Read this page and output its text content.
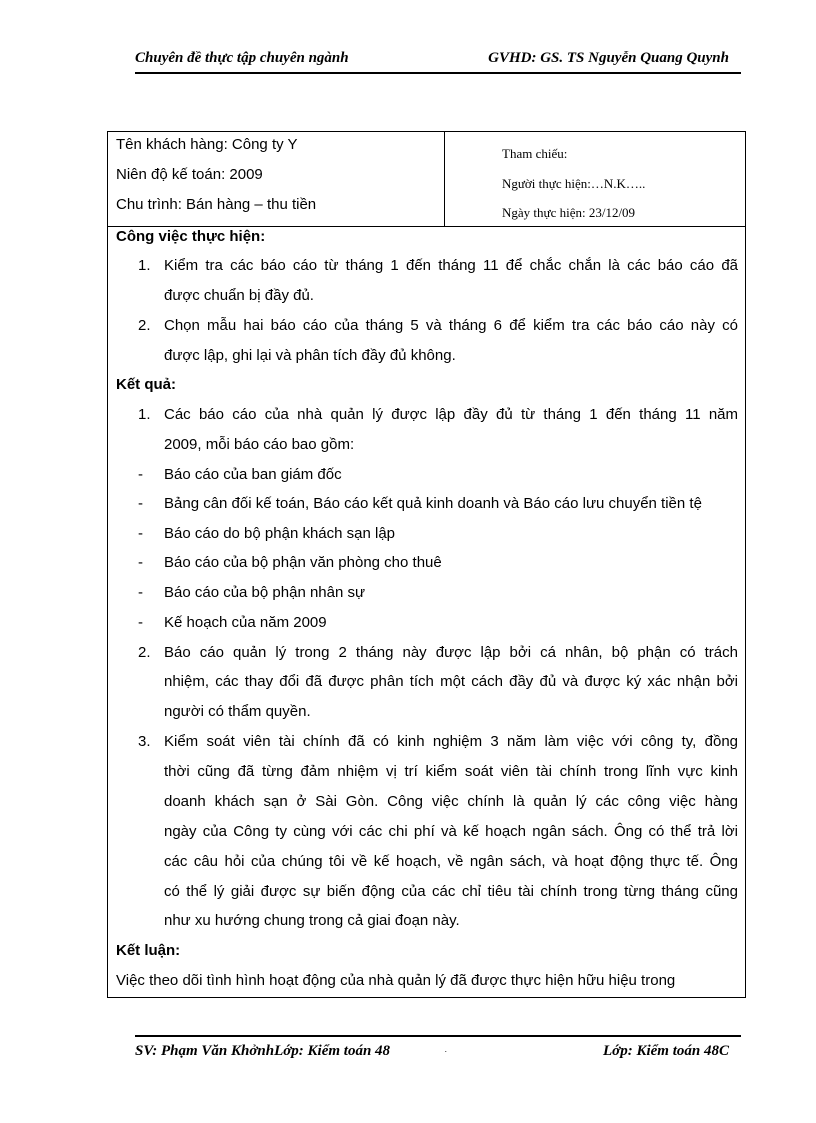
Chuyên đề thực tập chuyên ngành	GVHD: GS. TS Nguyễn Quang Quynh
Tên khách hàng: Công ty Y
Niên độ kế toán: 2009
Chu trình: Bán hàng – thu tiền
Tham chiếu:
Người thực hiện:…N.K…..
Ngày thực hiện: 23/12/09
Công việc thực hiện:
1. Kiểm tra các báo cáo từ tháng 1 đến tháng 11 để chắc chắn là các báo cáo đã
được chuẩn bị đầy đủ.
2. Chọn mẫu hai báo cáo của tháng 5 và tháng 6 để kiểm tra các báo cáo này có
được lập, ghi lại và phân tích đầy đủ không.
Kết quả:
1. Các báo cáo của nhà quản lý được lập đầy đủ từ tháng 1 đến tháng 11 năm
2009, mỗi báo cáo bao gồm:
- Báo cáo của ban giám đốc
- Bảng cân đối kế toán, Báo cáo kết quả kinh doanh và Báo cáo lưu chuyển tiền tệ
- Báo cáo do bộ phận khách sạn lập
- Báo cáo của bộ phận văn phòng cho thuê
- Báo cáo của bộ phận nhân sự
- Kế hoạch của năm 2009
2. Báo cáo quản lý trong 2 tháng này được lập bởi cá nhân, bộ phận có trách
nhiệm, các thay đổi đã được phân tích một cách đầy đủ và được ký xác nhận bởi
người có thẩm quyền.
3. Kiểm soát viên tài chính đã có kinh nghiệm 3 năm làm việc với công ty, đồng
thời cũng đã từng đảm nhiệm vị trí kiểm soát viên tài chính trong lĩnh vực kinh
doanh khách sạn ở Sài Gòn. Công việc chính là quản lý các công việc hàng
ngày của Công ty cùng với các chi phí và kế hoạch ngân sách. Ông có thể trả lời
các câu hỏi của chúng tôi về kế hoạch, về ngân sách, và hoạt động thực tế. Ông
có thể lý giải được sự biến động của các chỉ tiêu tài chính trong từng tháng cũng
như xu hướng chung trong cả giai đoạn này.
Kết luận:
Việc theo dõi tình hình hoạt động của nhà quản lý đã được thực hiện hữu hiệu trong
SV: Phạm Văn KhởnhLớp: Kiểm toán 48	.	Lớp: Kiểm toán 48C
